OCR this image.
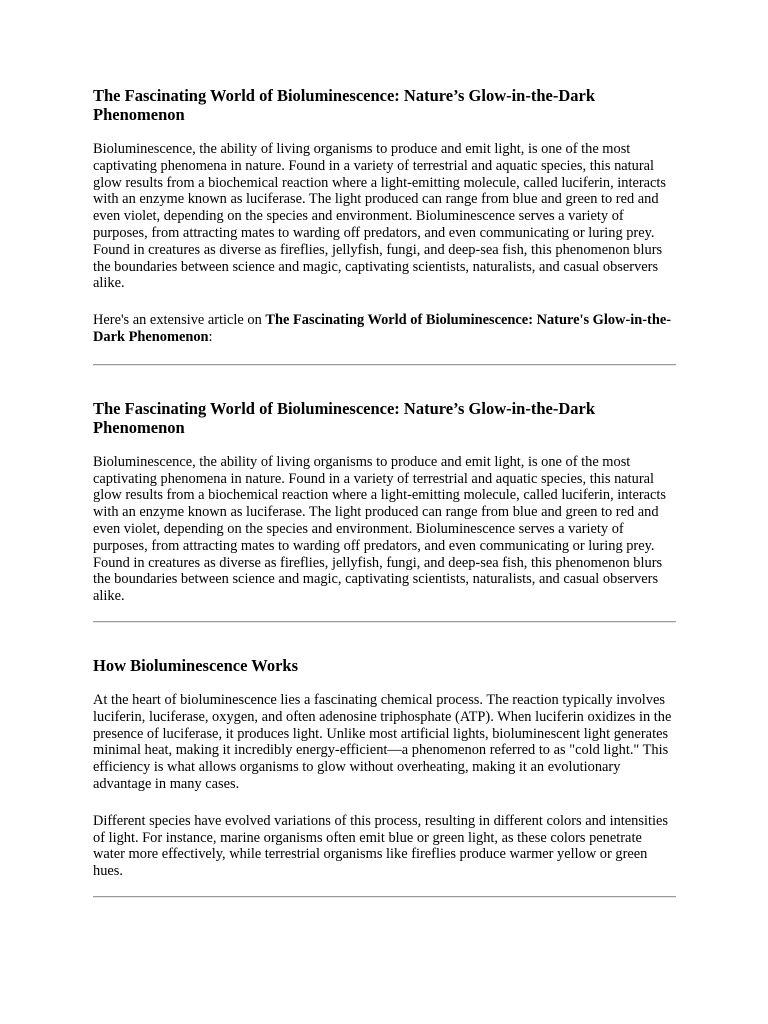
The Fascinating World of Bioluminescence: Nature’s Glow-in-the-Dark Phenomenon

Bioluminescence, the ability of living organisms to produce and emit light, is one of the most captivating phenomena in nature. Found in a variety of terrestrial and aquatic species, this natural glow results from a biochemical reaction where a light-emitting molecule, called luciferin, interacts with an enzyme known as luciferase. The light produced can range from blue and green to red and even violet, depending on the species and environment. Bioluminescence serves a variety of purposes, from attracting mates to warding off predators, and even communicating or luring prey. Found in creatures as diverse as fireflies, jellyfish, fungi, and deep-sea fish, this phenomenon blurs the boundaries between science and magic, captivating scientists, naturalists, and casual observers alike.

Here's an extensive article on The Fascinating World of Bioluminescence: Nature's Glow-in-the-Dark Phenomenon:

The Fascinating World of Bioluminescence: Nature’s Glow-in-the-Dark Phenomenon

Bioluminescence, the ability of living organisms to produce and emit light, is one of the most captivating phenomena in nature. Found in a variety of terrestrial and aquatic species, this natural glow results from a biochemical reaction where a light-emitting molecule, called luciferin, interacts with an enzyme known as luciferase. The light produced can range from blue and green to red and even violet, depending on the species and environment. Bioluminescence serves a variety of purposes, from attracting mates to warding off predators, and even communicating or luring prey. Found in creatures as diverse as fireflies, jellyfish, fungi, and deep-sea fish, this phenomenon blurs the boundaries between science and magic, captivating scientists, naturalists, and casual observers alike.

How Bioluminescence Works

At the heart of bioluminescence lies a fascinating chemical process. The reaction typically involves luciferin, luciferase, oxygen, and often adenosine triphosphate (ATP). When luciferin oxidizes in the presence of luciferase, it produces light. Unlike most artificial lights, bioluminescent light generates minimal heat, making it incredibly energy-efficient—a phenomenon referred to as "cold light." This efficiency is what allows organisms to glow without overheating, making it an evolutionary advantage in many cases.

Different species have evolved variations of this process, resulting in different colors and intensities of light. For instance, marine organisms often emit blue or green light, as these colors penetrate water more effectively, while terrestrial organisms like fireflies produce warmer yellow or green hues.
